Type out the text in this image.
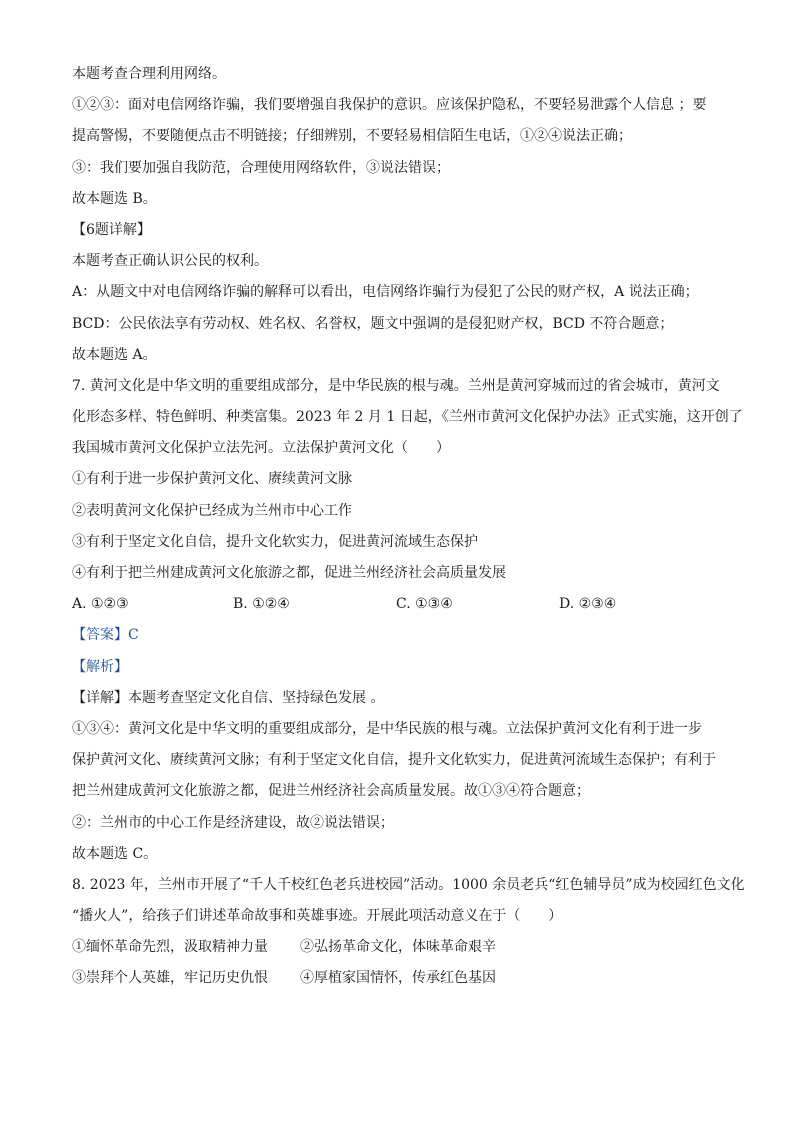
本题考查合理利用网络。
①②③：面对电信网络诈骗，我们要增强自我保护的意识。应该保护隐私，不要轻易泄露个人信息 ；要
提高警惕，不要随便点击不明链接；仔细辨别，不要轻易相信陌生电话，①②④说法正确；
③：我们要加强自我防范，合理使用网络软件，③说法错误；
故本题选 B。
【6题详解】
本题考查正确认识公民的权利。
A：从题文中对电信网络诈骗的解释可以看出，电信网络诈骗行为侵犯了公民的财产权，A 说法正确；
BCD：公民依法享有劳动权、姓名权、名誉权，题文中强调的是侵犯财产权，BCD 不符合题意；
故本题选 A。
7. 黄河文化是中华文明的重要组成部分，是中华民族的根与魂。兰州是黄河穿城而过的省会城市，黄河文
化形态多样、特色鲜明、种类富集。2023 年 2 月 1 日起，《兰州市黄河文化保护办法》正式实施，这开创了
我国城市黄河文化保护立法先河。立法保护黄河文化（　　）
①有利于进一步保护黄河文化、赓续黄河文脉
②表明黄河文化保护已经成为兰州市中心工作
③有利于坚定文化自信，提升文化软实力，促进黄河流域生态保护
④有利于把兰州建成黄河文化旅游之都，促进兰州经济社会高质量发展
A. ①②③	B. ①②④	C. ①③④	D. ②③④
【答案】C
【解析】
【详解】本题考查坚定文化自信、坚持绿色发展 。
①③④：黄河文化是中华文明的重要组成部分，是中华民族的根与魂。立法保护黄河文化有利于进一步
保护黄河文化、赓续黄河文脉；有利于坚定文化自信，提升文化软实力，促进黄河流域生态保护；有利于
把兰州建成黄河文化旅游之都，促进兰州经济社会高质量发展。故①③④符合题意；
②：兰州市的中心工作是经济建设，故②说法错误；
故本题选 C。
8. 2023 年，兰州市开展了“千人千校红色老兵进校园”活动。1000 余员老兵“红色辅导员”成为校园红色文化
“播火人”，给孩子们讲述革命故事和英雄事迹。开展此项活动意义在于（　　）
①缅怀革命先烈，汲取精神力量	②弘扬革命文化，体味革命艰辛
③崇拜个人英雄，牢记历史仇恨	④厚植家国情怀，传承红色基因
